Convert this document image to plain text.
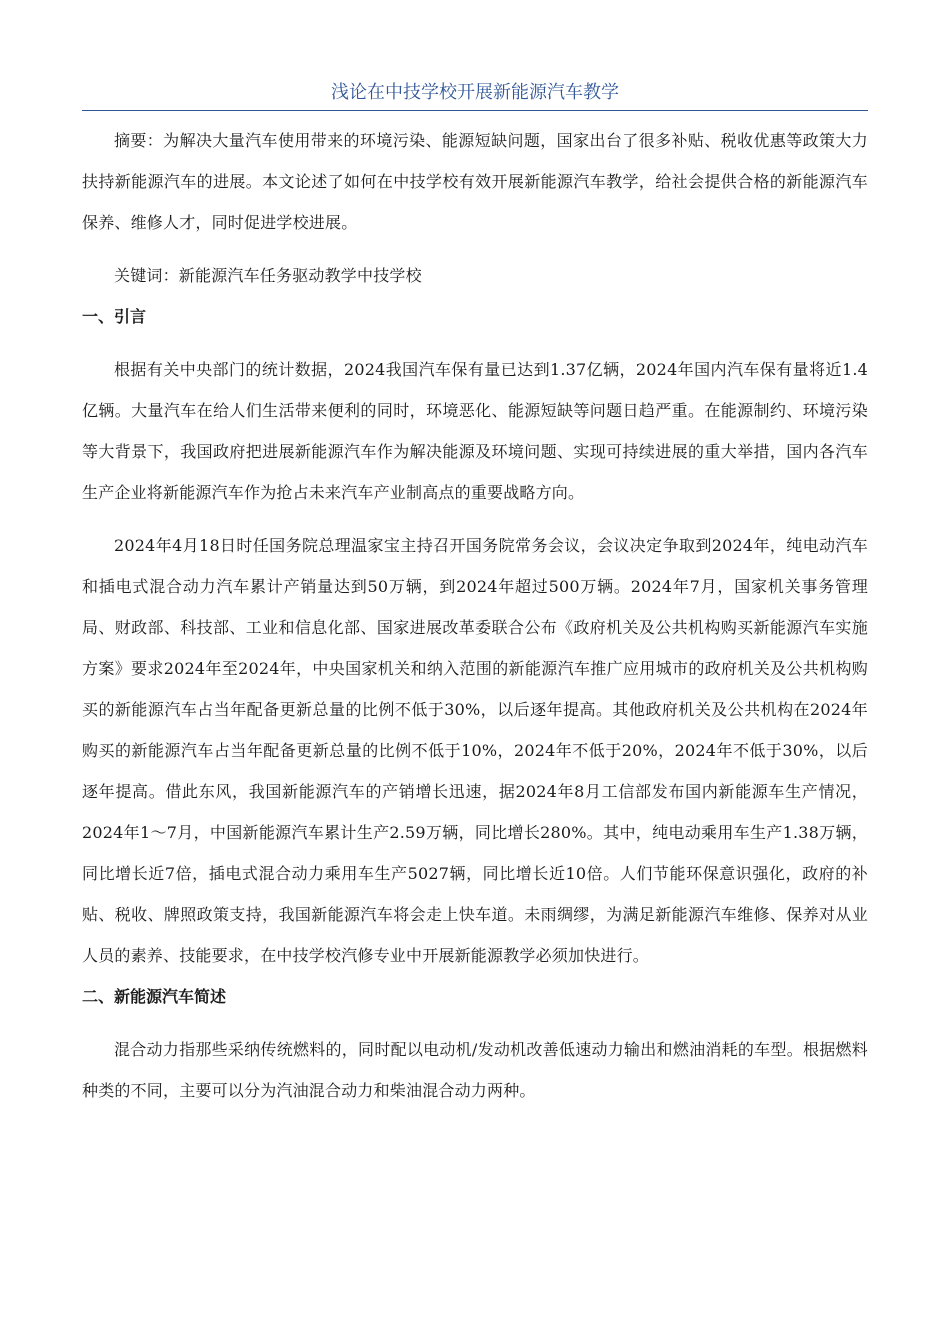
浅论在中技学校开展新能源汽车教学

摘要：为解决大量汽车使用带来的环境污染、能源短缺问题，国家出台了很多补贴、税收优惠等政策大力扶持新能源汽车的进展。本文论述了如何在中技学校有效开展新能源汽车教学，给社会提供合格的新能源汽车保养、维修人才，同时促进学校进展。

关键词：新能源汽车任务驱动教学中技学校

一、引言

根据有关中央部门的统计数据，2024我国汽车保有量已达到1.37亿辆，2024年国内汽车保有量将近1.4亿辆。大量汽车在给人们生活带来便利的同时，环境恶化、能源短缺等问题日趋严重。在能源制约、环境污染等大背景下，我国政府把进展新能源汽车作为解决能源及环境问题、实现可持续进展的重大举措，国内各汽车生产企业将新能源汽车作为抢占未来汽车产业制高点的重要战略方向。

2024年4月18日时任国务院总理温家宝主持召开国务院常务会议，会议决定争取到2024年，纯电动汽车和插电式混合动力汽车累计产销量达到50万辆，到2024年超过500万辆。2024年7月，国家机关事务管理局、财政部、科技部、工业和信息化部、国家进展改革委联合公布《政府机关及公共机构购买新能源汽车实施方案》要求2024年至2024年，中央国家机关和纳入范围的新能源汽车推广应用城市的政府机关及公共机构购买的新能源汽车占当年配备更新总量的比例不低于30%，以后逐年提高。其他政府机关及公共机构在2024年购买的新能源汽车占当年配备更新总量的比例不低于10%，2024年不低于20%，2024年不低于30%，以后逐年提高。借此东风，我国新能源汽车的产销增长迅速，据2024年8月工信部发布国内新能源车生产情况，2024年1～7月，中国新能源汽车累计生产2.59万辆，同比增长280%。其中，纯电动乘用车生产1.38万辆，同比增长近7倍，插电式混合动力乘用车生产5027辆，同比增长近10倍。人们节能环保意识强化，政府的补贴、税收、牌照政策支持，我国新能源汽车将会走上快车道。未雨绸缪，为满足新能源汽车维修、保养对从业人员的素养、技能要求，在中技学校汽修专业中开展新能源教学必须加快进行。

二、新能源汽车简述

混合动力指那些采纳传统燃料的，同时配以电动机/发动机改善低速动力输出和燃油消耗的车型。根据燃料种类的不同，主要可以分为汽油混合动力和柴油混合动力两种。
